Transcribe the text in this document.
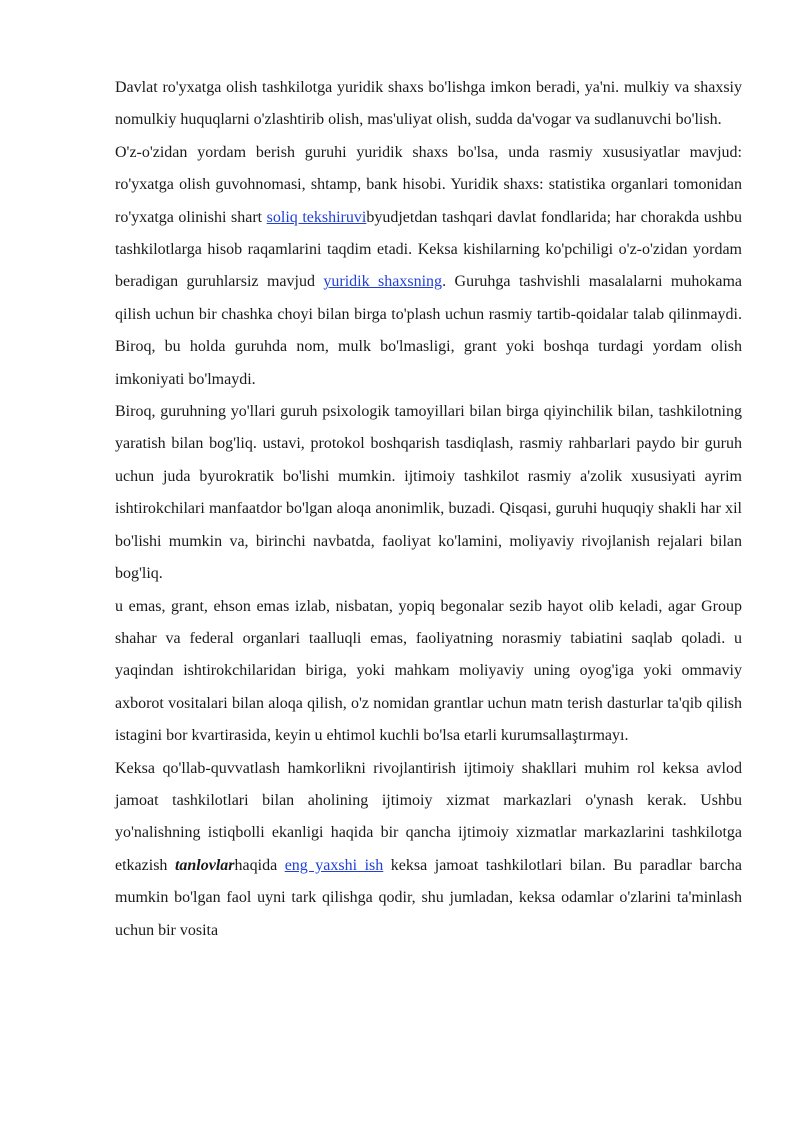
Davlat ro'yxatga olish tashkilotga yuridik shaxs bo'lishga imkon beradi, ya'ni. mulkiy va shaxsiy nomulkiy huquqlarni o'zlashtirib olish, mas'uliyat olish, sudda da'vogar va sudlanuvchi bo'lish.

O'z-o'zidan yordam berish guruhi yuridik shaxs bo'lsa, unda rasmiy xususiyatlar mavjud: ro'yxatga olish guvohnomasi, shtamp, bank hisobi. Yuridik shaxs: statistika organlari tomonidan ro'yxatga olinishi shart soliq tekshiruvibyudjetdan tashqari davlat fondlarida; har chorakda ushbu tashkilotlarga hisob raqamlarini taqdim etadi. Keksa kishilarning ko'pchiligi o'z-o'zidan yordam beradigan guruhlarsiz mavjud yuridik shaxsning. Guruhga tashvishli masalalarni muhokama qilish uchun bir chashka choyi bilan birga to'plash uchun rasmiy tartib-qoidalar talab qilinmaydi. Biroq, bu holda guruhda nom, mulk bo'lmasligi, grant yoki boshqa turdagi yordam olish imkoniyati bo'lmaydi.

Biroq, guruhning yo'llari guruh psixologik tamoyillari bilan birga qiyinchilik bilan, tashkilotning yaratish bilan bog'liq. ustavi, protokol boshqarish tasdiqlash, rasmiy rahbarlari paydo bir guruh uchun juda byurokratik bo'lishi mumkin. ijtimoiy tashkilot rasmiy a'zolik xususiyati ayrim ishtirokchilari manfaatdor bo'lgan aloqa anonimlik, buzadi. Qisqasi, guruhi huquqiy shakli har xil bo'lishi mumkin va, birinchi navbatda, faoliyat ko'lamini, moliyaviy rivojlanish rejalari bilan bog'liq.

u emas, grant, ehson emas izlab, nisbatan, yopiq begonalar sezib hayot olib keladi, agar Group shahar va federal organlari taalluqli emas, faoliyatning norasmiy tabiatini saqlab qoladi. u yaqindan ishtirokchilaridan biriga, yoki mahkam moliyaviy uning oyog'iga yoki ommaviy axborot vositalari bilan aloqa qilish, o'z nomidan grantlar uchun matn terish dasturlar ta'qib qilish istagini bor kvartirasida, keyin u ehtimol kuchli bo'lsa etarli kurumsallaştırmayı.

Keksa qo'llab-quvvatlash hamkorlikni rivojlantirish ijtimoiy shakllari muhim rol keksa avlod jamoat tashkilotlari bilan aholining ijtimoiy xizmat markazlari o'ynash kerak. Ushbu yo'nalishning istiqbolli ekanligi haqida bir qancha ijtimoiy xizmatlar markazlarini tashkilotga etkazish tanlovlarhaqida eng yaxshi ish keksa jamoat tashkilotlari bilan. Bu paradlar barcha mumkin bo'lgan faol uyni tark qilishga qodir, shu jumladan, keksa odamlar o'zlarini ta'minlash uchun bir vosita
